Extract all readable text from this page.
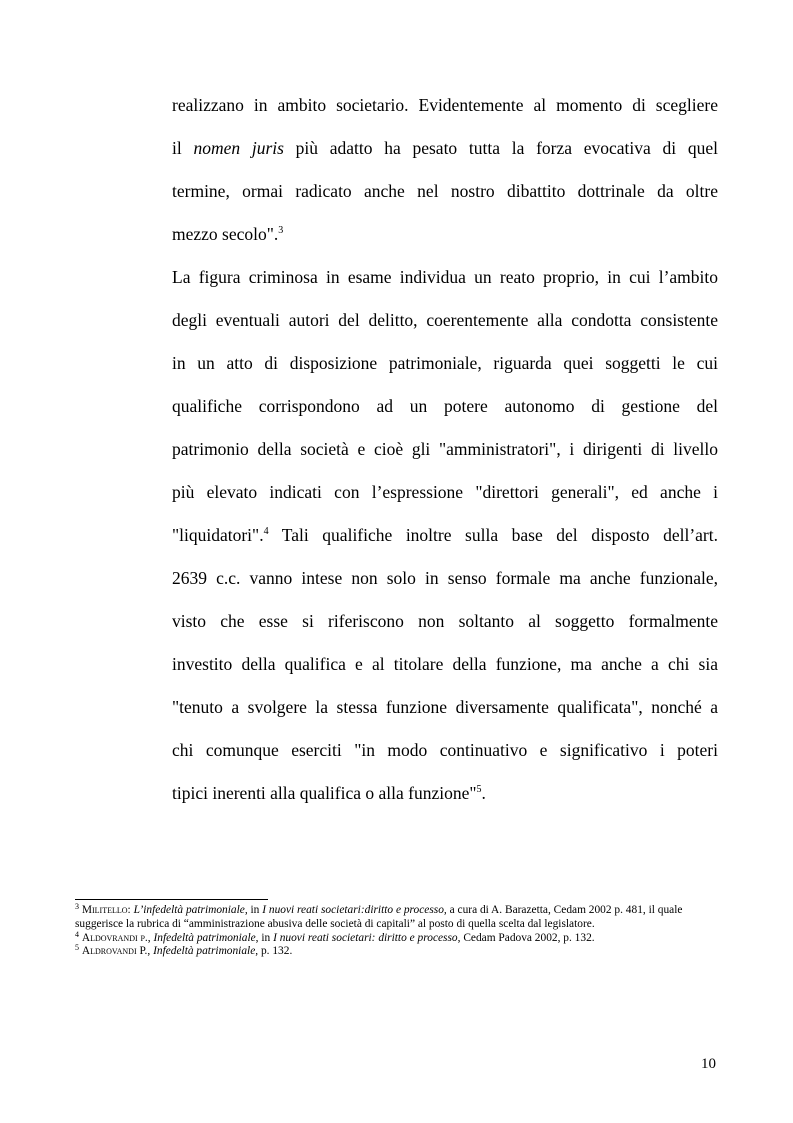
realizzano in ambito societario. Evidentemente al momento di scegliere
il nomen juris più adatto ha pesato tutta la forza evocativa di quel
termine, ormai radicato anche nel nostro dibattito dottrinale da oltre
mezzo secolo".$^3$

La figura criminosa in esame individua un reato proprio, in cui l’ambito
degli eventuali autori del delitto, coerentemente alla condotta consistente
in un atto di disposizione patrimoniale, riguarda quei soggetti le cui
qualifiche corrispondono ad un potere autonomo di gestione del
patrimonio della società e cioè gli "amministratori", i dirigenti di livello
più elevato indicati con l’espressione "direttori generali", ed anche i
"liquidatori".$^4$ Tali qualifiche inoltre sulla base del disposto dell’art.
2639 c.c. vanno intese non solo in senso formale ma anche funzionale,
visto che esse si riferiscono non soltanto al soggetto formalmente
investito della qualifica e al titolare della funzione, ma anche a chi sia
"tenuto a svolgere la stessa funzione diversamente qualificata", nonché a
chi comunque eserciti "in modo continuativo e significativo i poteri
tipici inerenti alla qualifica o alla funzione"$^5$.

$^3$ Militello: L’infedeltà patrimoniale, in I nuovi reati societari:diritto e processo, a cura di A. Barazetta, Cedam 2002 p. 481, il quale suggerisce la rubrica di “amministrazione abusiva delle società di capitali” al posto di quella scelta dal legislatore.

$^4$ Aldovrandi p., Infedeltà patrimoniale, in I nuovi reati societari: diritto e processo, Cedam Padova 2002, p. 132.

$^5$ Aldrovandi P., Infedeltà patrimoniale, p. 132.

10
